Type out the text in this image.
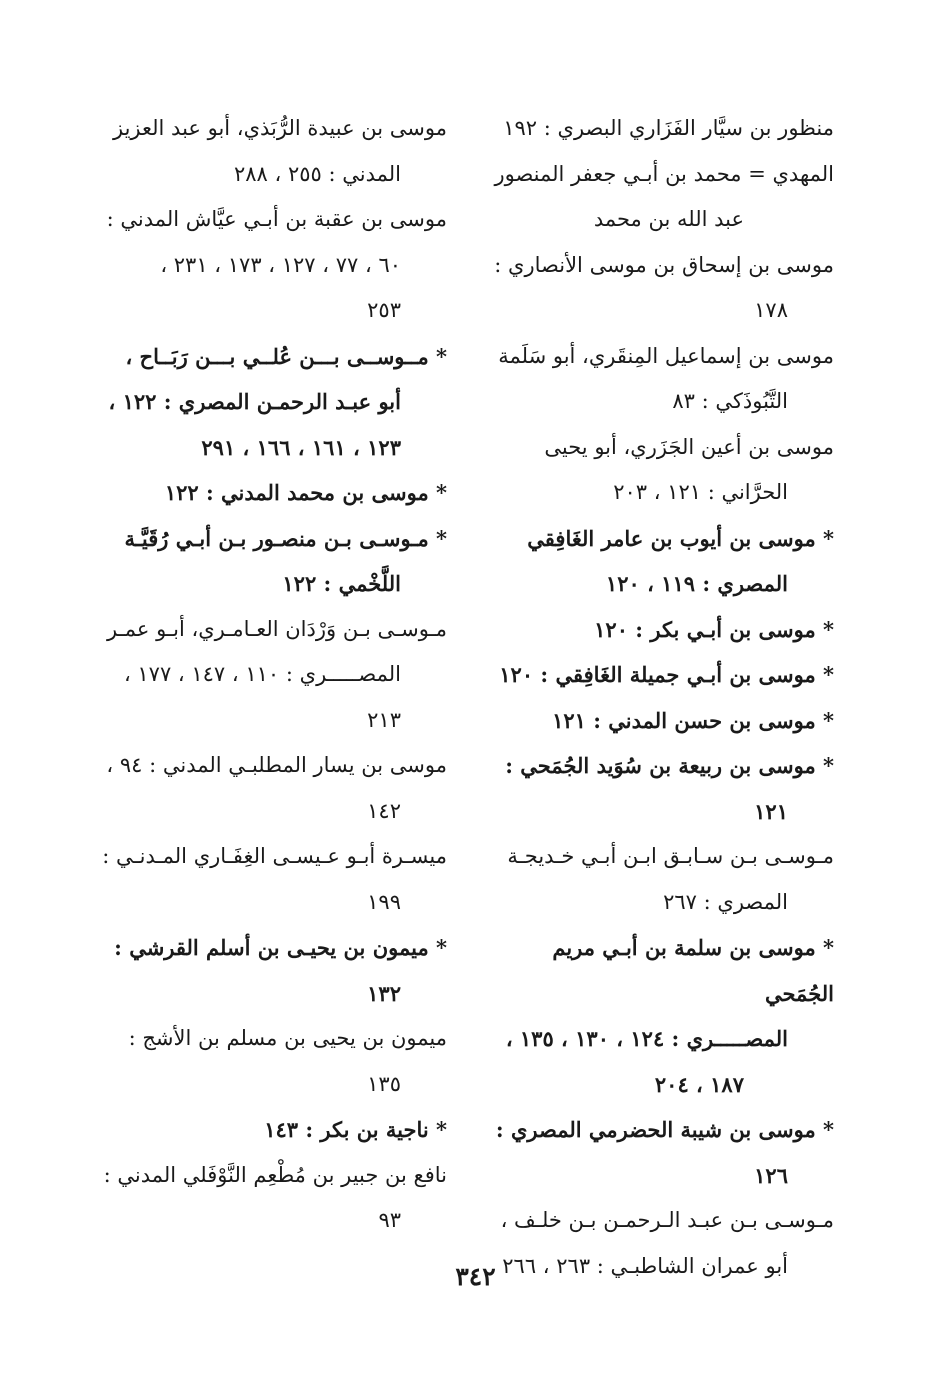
منظور بن سيَّار الفَزَاري البصري : ١٩٢
المهدي = محمد بن أبـي جعفر المنصور
عبد الله بن محمد
موسى بن إسحاق بن موسى الأنصاري :
١٧٨
موسى بن إسماعيل المِنقَري، أبو سَلَمة
التَّبُوذَكي : ٨٣
موسى بن أعين الجَزَري، أبو يحيى
الحرَّاني : ١٢١ ، ٢٠٣
* موسى بن أيوب بن عامر الغَافِقي
المصري : ١١٩ ، ١٢٠
* موسى بن أبـي بكر : ١٢٠
* موسى بن أبـي جميلة الغَافِقي : ١٢٠
* موسى بن حسن المدني : ١٢١
* موسى بن ربيعة بن سُوَيد الجُمَحي :
١٢١
مـوسـى بـن سـابـق ابـن أبـي خـديجـة
المصري : ٢٦٧
* موسى بن سلمة بن أبـي مريم الجُمَحي
المصـــــري : ١٢٤ ، ١٣٠ ، ١٣٥ ،
١٨٧ ، ٢٠٤
* موسى بن شيبة الحضرمي المصري :
١٢٦
مـوسـى بـن عبـد الـرحمـن بـن خلـف ،
أبو عمران الشاطبـي : ٢٦٣ ، ٢٦٦
موسى بن عبيدة الرُّبَذي، أبو عبد العزيز
المدني : ٢٥٥ ، ٢٨٨
موسى بن عقبة بن أبـي عيَّاش المدني :
٦٠ ، ٧٧ ، ١٢٧ ، ١٧٣ ، ٢٣١ ،
٢٥٣
* مــوســى بـــن عُلــي بـــن رَبَــاح ،
أبو عبـد الرحمـن المصري : ١٢٢ ،
١٢٣ ، ١٦١ ، ١٦٦ ، ٢٩١
* موسى بن محمد المدني : ١٢٢
* مـوسـى بـن منصـور بـن أبـي رُقَيَّـة
اللَّخْمي : ١٢٢
مـوسـى بـن وَرْدَان العـامـري، أبـو عمـر
المصـــــري : ١١٠ ، ١٤٧ ، ١٧٧ ،
٢١٣
موسى بن يسار المطلبـي المدني : ٩٤ ،
١٤٢
ميسـرة أبـو عـيسـى الغِفَـاري المـدنـي :
١٩٩
* ميمون بن يحيـى بن أسلم القرشي :
١٣٢
ميمون بن يحيى بن مسلم بن الأشج :
١٣٥
* ناجية بن بكر : ١٤٣
نافع بن جبير بن مُطْعِم النَّوْفَلي المدني :
٩٣
٣٤٢
